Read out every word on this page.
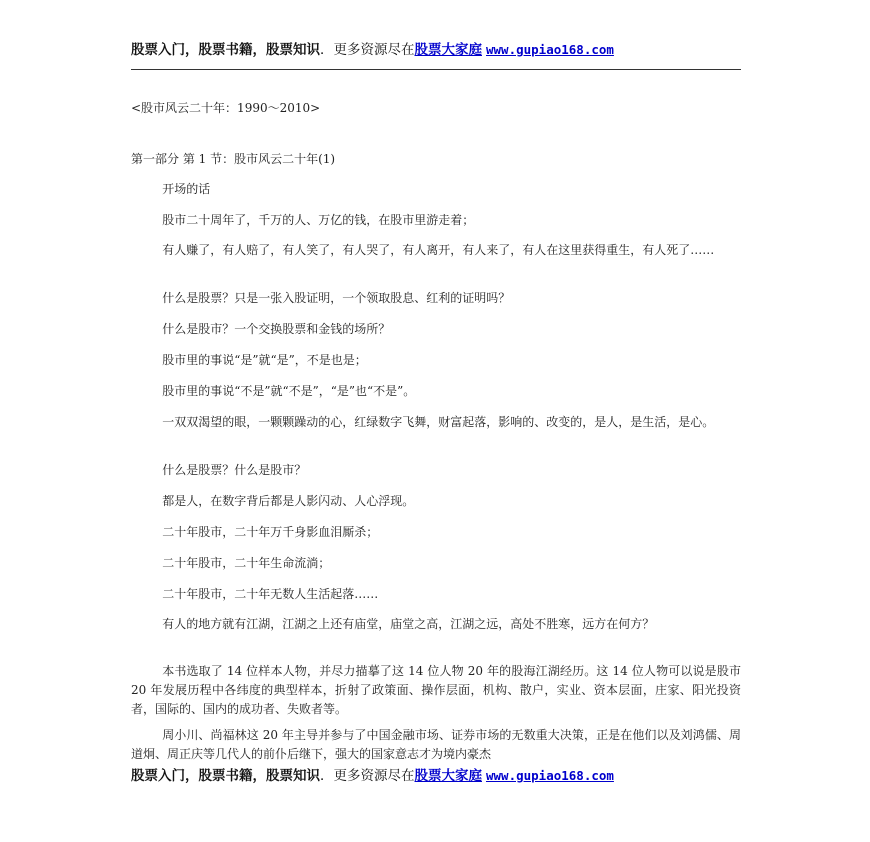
股票入门，股票书籍，股票知识．更多资源尽在股票大家庭 www.gupiao168.com
<股市风云二十年：1990～2010>
第一部分 第 1 节：股市风云二十年(1)
开场的话
股市二十周年了，千万的人、万亿的钱，在股市里游走着；
有人赚了，有人赔了，有人笑了，有人哭了，有人离开，有人来了，有人在这里获得重生，有人死了……
什么是股票？只是一张入股证明，一个领取股息、红利的证明吗？
什么是股市？一个交换股票和金钱的场所？
股市里的事说“是”就“是”，不是也是；
股市里的事说“不是”就“不是”，“是”也“不是”。
一双双渴望的眼，一颗颗躁动的心，红绿数字飞舞，财富起落，影响的、改变的，是人，是生活，是心。
什么是股票？什么是股市？
都是人，在数字背后都是人影闪动、人心浮现。
二十年股市，二十年万千身影血泪厮杀；
二十年股市，二十年生命流淌；
二十年股市，二十年无数人生活起落……
有人的地方就有江湖，江湖之上还有庙堂，庙堂之高，江湖之远，高处不胜寒，远方在何方？
本书选取了 14 位样本人物，并尽力描摹了这 14 位人物 20 年的股海江湖经历。这 14 位人物可以说是股市 20 年发展历程中各纬度的典型样本，折射了政策面、操作层面，机构、散户，实业、资本层面，庄家、阳光投资者，国际的、国内的成功者、失败者等。
周小川、尚福林这 20 年主导并参与了中国金融市场、证券市场的无数重大决策，正是在他们以及刘鸿儒、周道炯、周正庆等几代人的前仆后继下，强大的国家意志才为境内豪杰
股票入门，股票书籍，股票知识．更多资源尽在股票大家庭 www.gupiao168.com
